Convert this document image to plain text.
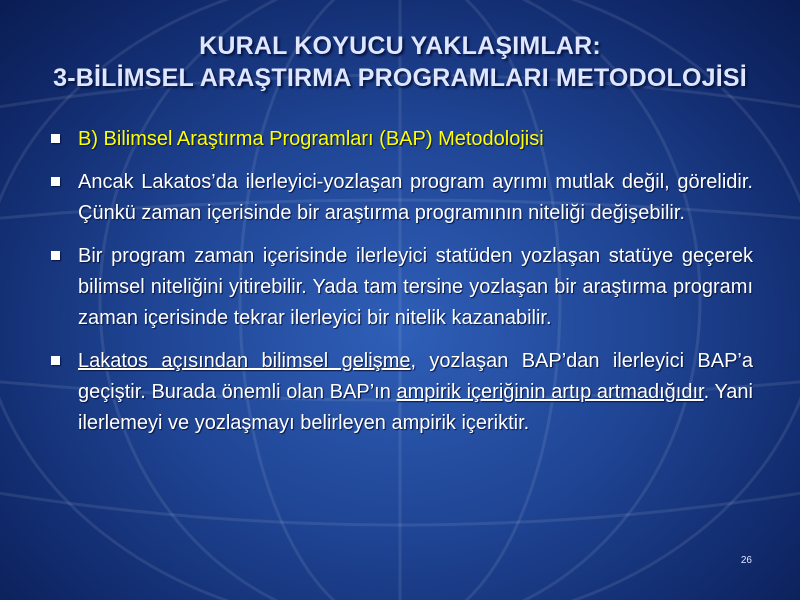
KURAL KOYUCU YAKLAŞIMLAR:
3-BİLİMSEL ARAŞTIRMA PROGRAMLARI METODOLOJİSİ
B) Bilimsel Araştırma Programları (BAP) Metodolojisi
Ancak Lakatos’da ilerleyici-yozlaşan program ayrımı mutlak değil, görelidir. Çünkü zaman içerisinde bir araştırma programının niteliği değişebilir.
Bir program zaman içerisinde ilerleyici statüden yozlaşan statüye geçerek bilimsel niteliğini yitirebilir. Yada tam tersine yozlaşan bir araştırma programı zaman içerisinde tekrar ilerleyici bir nitelik kazanabilir.
Lakatos açısından bilimsel gelişme, yozlaşan BAP’dan ilerleyici BAP’a geçiştir. Burada önemli olan BAP’ın ampirik içeriğinin artıp artmadığıdır. Yani ilerlemeyi ve yozlaşmayı belirleyen ampirik içeriktir.
26
